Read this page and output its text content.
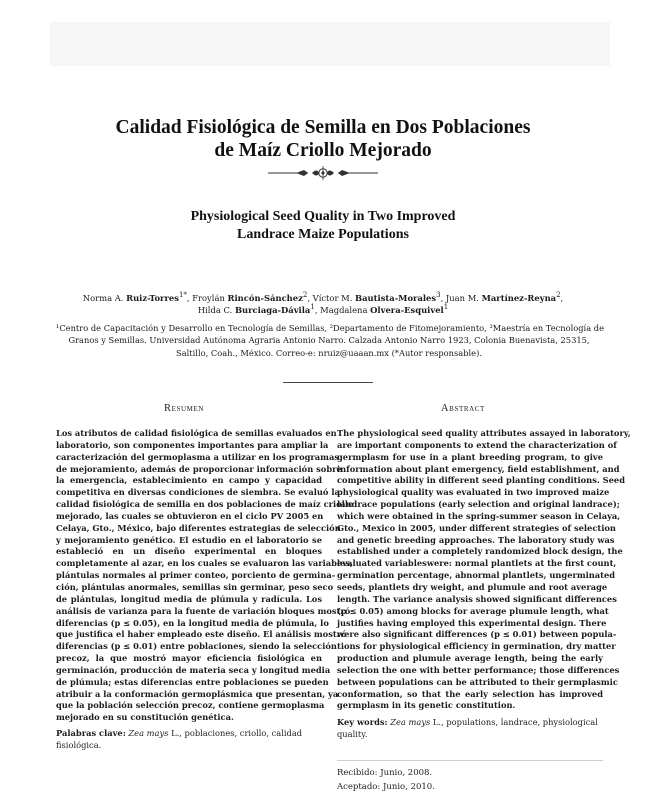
Calidad Fisiológica de Semilla en Dos Poblaciones
de Maíz Criollo Mejorado
Physiological Seed Quality in Two Improved
Landrace Maize Populations
Norma A. Ruiz-Torres$^{1*}$, Froylán Rincón-Sánchez$^2$, Víctor M. Bautista-Morales$^3$, Juan M. Martínez-Reyna$^2$,
Hilda C. Burciaga-Dávila$^1$, Magdalena Olvera-Esquivel$^1$
¹Centro de Capacitación y Desarrollo en Tecnología de Semillas, ²Departamento de Fitomejoramiento, ³Maestría en Tecnología de
Granos y Semillas. Universidad Autónoma Agraria Antonio Narro. Calzada Antonio Narro 1923, Colonia Buenavista, 25315,
Saltillo, Coah., México. Correo-e: nruiz@uaaan.mx (*Autor responsable).
Resumen	Abstract
Los atributos de calidad fisiológica de semillas evaluados en
laboratorio, son componentes importantes para ampliar la
caracterización del germoplasma a utilizar en los programas
de mejoramiento, además de proporcionar información sobre
la emergencia, establecimiento en campo y capacidad
competitiva en diversas condiciones de siembra. Se evaluó la
calidad fisiológica de semilla en dos poblaciones de maíz criollo
mejorado, las cuales se obtuvieron en el ciclo PV 2005 en
Celaya, Gto., México, bajo diferentes estrategias de selección
y mejoramiento genético. El estudio en el laboratorio se
estableció en un diseño experimental en bloques
completamente al azar, en los cuales se evaluaron las variables,
plántulas normales al primer conteo, porciento de germina-
ción, plántulas anormales, semillas sin germinar, peso seco
de plántulas, longitud media de plúmula y radícula. Los
análisis de varianza para la fuente de variación bloques mostró
diferencias (p ≤ 0.05), en la longitud media de plúmula, lo
que justifica el haber empleado este diseño. El análisis mostró
diferencias (p ≤ 0.01) entre poblaciones, siendo la selección
precoz, la que mostró mayor eficiencia fisiológica en
germinación, producción de materia seca y longitud media
de plúmula; estas diferencias entre poblaciones se pueden
atribuir a la conformación germoplásmica que presentan, ya
que la población selección precoz, contiene germoplasma
mejorado en su constitución genética.
The physiological seed quality attributes assayed in laboratory,
are important components to extend the characterization of
germplasm for use in a plant breeding program, to give
information about plant emergency, field establishment, and
competitive ability in different seed planting conditions. Seed
physiological quality was evaluated in two improved maize
landrace populations (early selection and original landrace);
which were obtained in the spring-summer season in Celaya,
Gto., Mexico in 2005, under different strategies of selection
and genetic breeding approaches. The laboratory study was
established under a completely randomized block design, the
evaluated variableswere: normal plantlets at the first count,
germination percentage, abnormal plantlets, ungerminated
seeds, plantlets dry weight, and plumule and root average
length. The variance analysis showed significant differences
(p ≤ 0.05) among blocks for average plumule length, what
justifies having employed this experimental design. There
were also significant differences (p ≤ 0.01) between popula-
tions for physiological efficiency in germination, dry matter
production and plumule average length, being the early
selection the one with better performance; those differences
between populations can be attributed to their germplasmic
conformation, so that the early selection has improved
germplasm in its genetic constitution.
Palabras clave: Zea mays L., poblaciones, criollo, calidad
fisiológica.
Key words: Zea mays L., populations, landrace, physiological
quality.
Recibido: Junio, 2008.
Aceptado: Junio, 2010.
